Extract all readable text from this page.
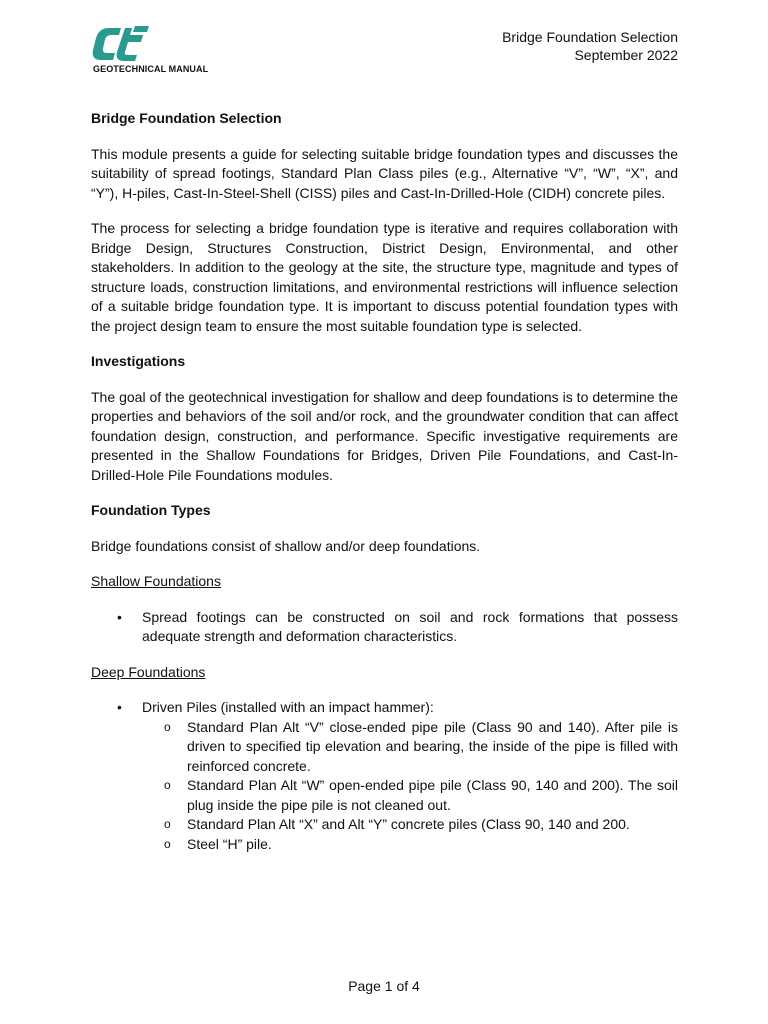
GEOTECHNICAL MANUAL
Bridge Foundation Selection
September 2022
Bridge Foundation Selection

This module presents a guide for selecting suitable bridge foundation types and discusses the suitability of spread footings, Standard Plan Class piles (e.g., Alternative “V”, “W”, “X”, and “Y”), H-piles, Cast-In-Steel-Shell (CISS) piles and Cast-In-Drilled-Hole (CIDH) concrete piles.

The process for selecting a bridge foundation type is iterative and requires collaboration with Bridge Design, Structures Construction, District Design, Environmental, and other stakeholders. In addition to the geology at the site, the structure type, magnitude and types of structure loads, construction limitations, and environmental restrictions will influence selection of a suitable bridge foundation type. It is important to discuss potential foundation types with the project design team to ensure the most suitable foundation type is selected.

Investigations

The goal of the geotechnical investigation for shallow and deep foundations is to determine the properties and behaviors of the soil and/or rock, and the groundwater condition that can affect foundation design, construction, and performance. Specific investigative requirements are presented in the Shallow Foundations for Bridges, Driven Pile Foundations, and Cast-In-Drilled-Hole Pile Foundations modules.

Foundation Types

Bridge foundations consist of shallow and/or deep foundations.

Shallow Foundations
• Spread footings can be constructed on soil and rock formations that possess adequate strength and deformation characteristics.
Deep Foundations
• Driven Piles (installed with an impact hammer):
o Standard Plan Alt “V” close-ended pipe pile (Class 90 and 140). After pile is driven to specified tip elevation and bearing, the inside of the pipe is filled with reinforced concrete.
o Standard Plan Alt “W” open-ended pipe pile (Class 90, 140 and 200). The soil plug inside the pipe pile is not cleaned out.
o Standard Plan Alt “X” and Alt “Y” concrete piles (Class 90, 140 and 200.
o Steel “H” pile.
Page 1 of 4
